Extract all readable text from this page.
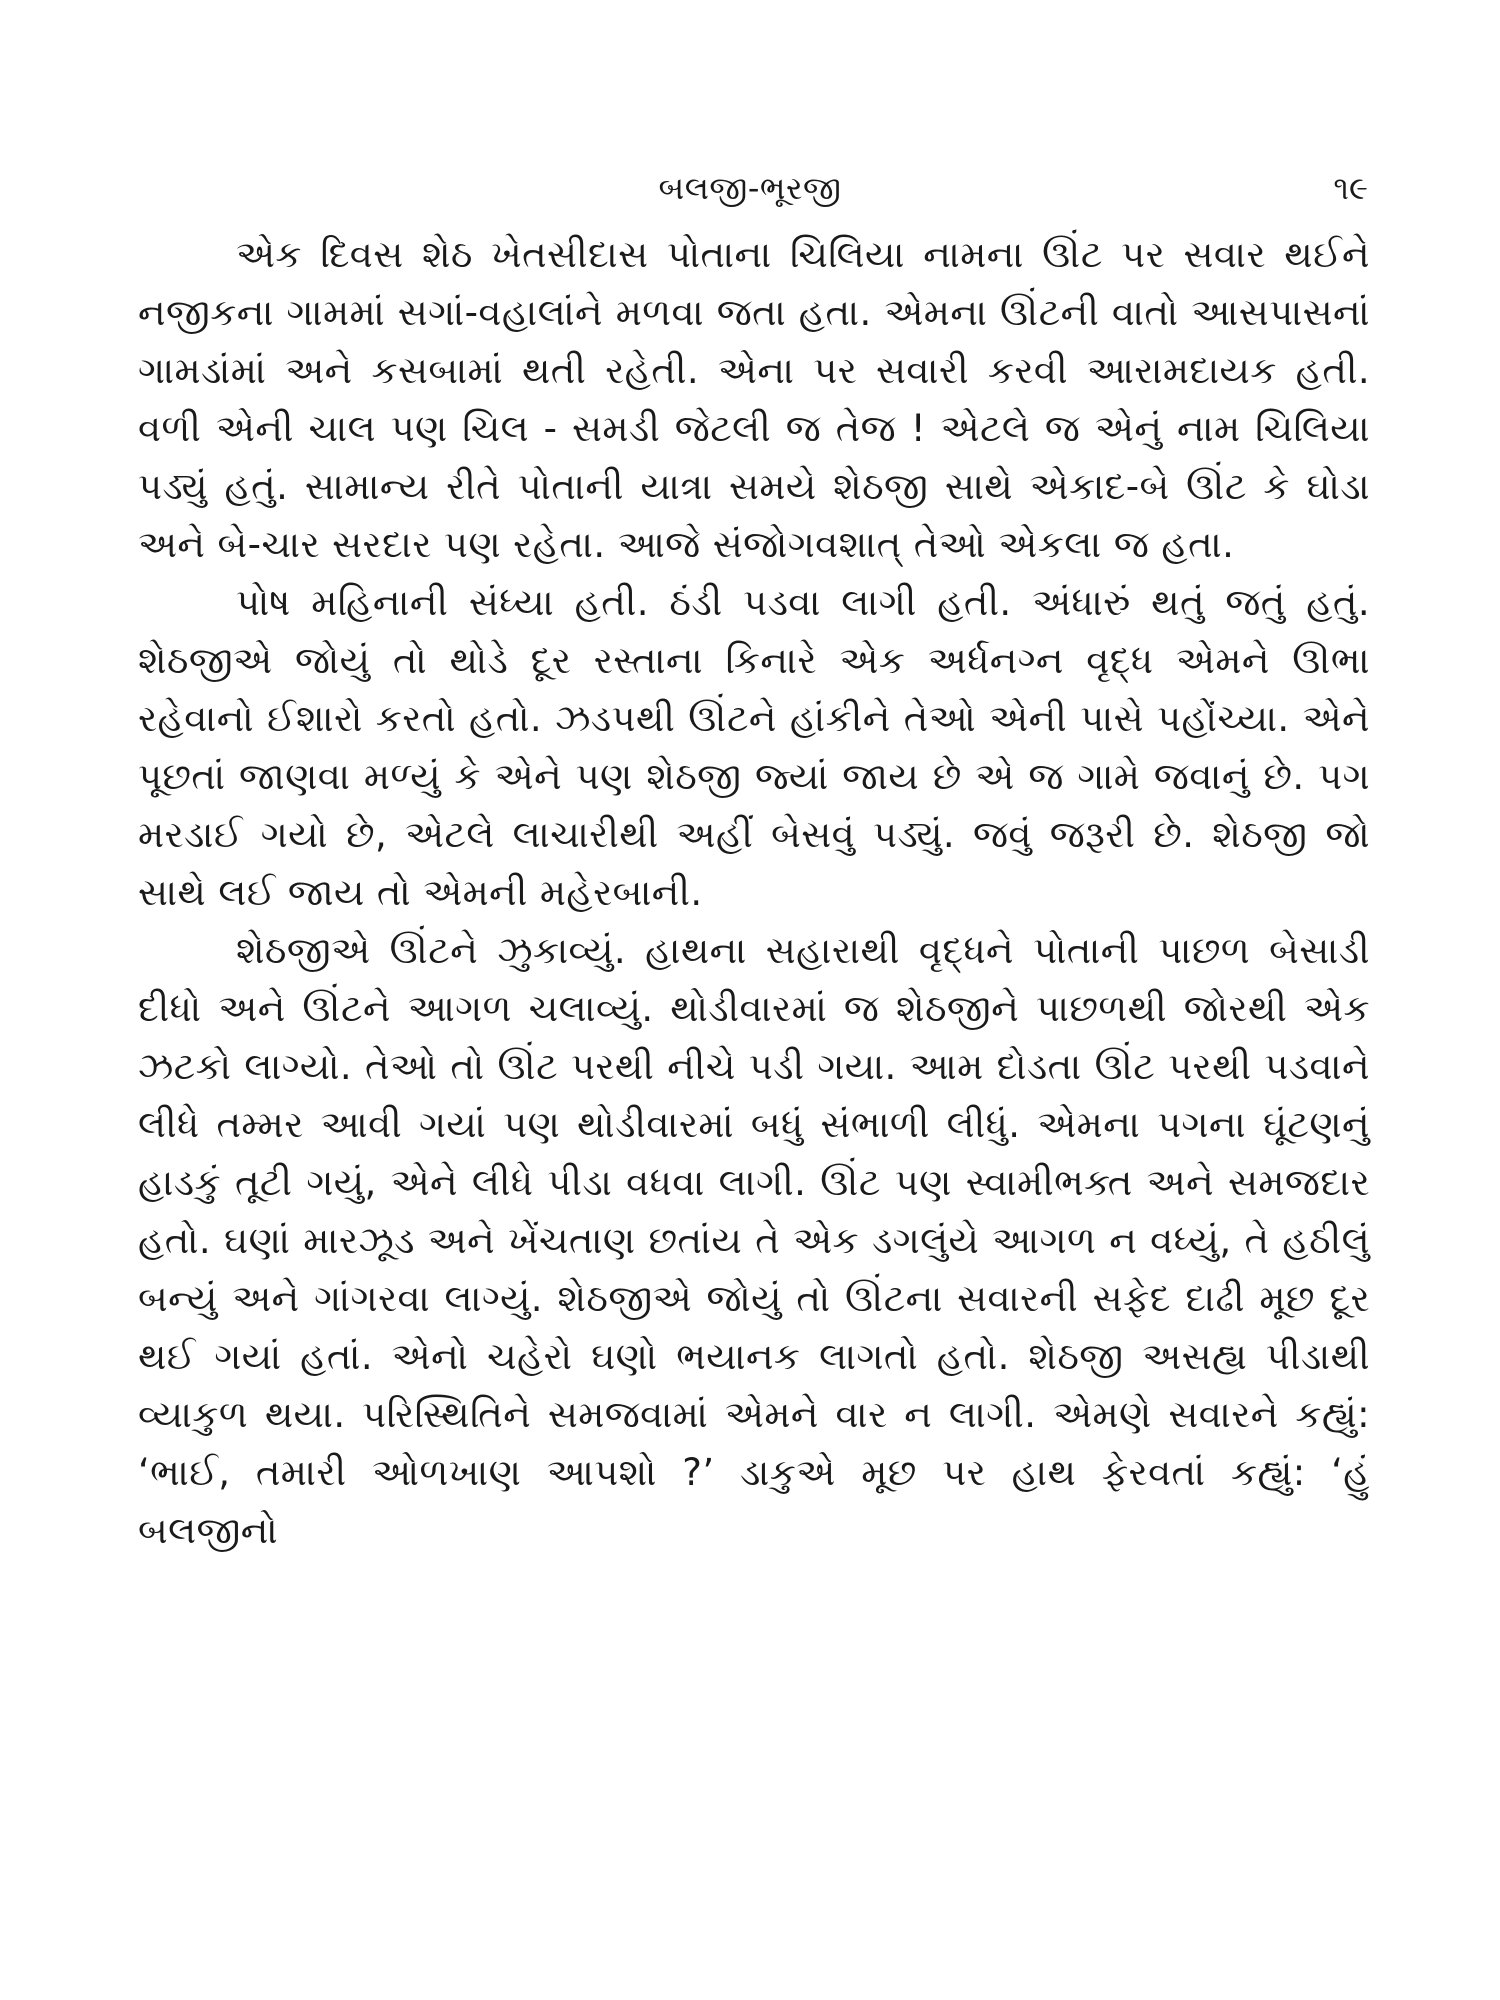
બલજી-ભૂરજી	૧૯

એક દિવસ શેઠ ખેતસીદાસ પોતાના ચિલિયા નામના ઊંટ પર સવાર થઈને નજીકના ગામમાં સગાં-વહાલાંને મળવા જતા હતા. એમના ઊંટની વાતો આસપાસનાં ગામડાંમાં અને કસબામાં થતી રહેતી. એના પર સવારી કરવી આરામદાયક હતી. વળી એની ચાલ પણ ચિલ - સમડી જેટલી જ તેજ ! એટલે જ એનું નામ ચિલિયા પડ્યું હતું. સામાન્ય રીતે પોતાની યાત્રા સમયે શેઠજી સાથે એકાદ-બે ઊંટ કે ઘોડા અને બે-ચાર સરદાર પણ રહેતા. આજે સંજોગવશાત્ તેઓ એકલા જ હતા.

પોષ મહિનાની સંધ્યા હતી. ઠંડી પડવા લાગી હતી. અંધારું થતું જતું હતું. શેઠજીએ જોયું તો થોડે દૂર રસ્તાના કિનારે એક અર્ધનગ્ન વૃદ્ધ એમને ઊભા રહેવાનો ઈશારો કરતો હતો. ઝડપથી ઊંટને હાંકીને તેઓ એની પાસે પહોંચ્યા. એને પૂછતાં જાણવા મળ્યું કે એને પણ શેઠજી જ્યાં જાય છે એ જ ગામે જવાનું છે. પગ મરડાઈ ગયો છે, એટલે લાચારીથી અહીં બેસવું પડ્યું. જવું જરૂરી છે. શેઠજી જો સાથે લઈ જાય તો એમની મહેરબાની.

શેઠજીએ ઊંટને ઝુકાવ્યું. હાથના સહારાથી વૃદ્ધને પોતાની પાછળ બેસાડી દીધો અને ઊંટને આગળ ચલાવ્યું. થોડીવારમાં જ શેઠજીને પાછળથી જોરથી એક ઝટકો લાગ્યો. તેઓ તો ઊંટ પરથી નીચે પડી ગયા. આમ દોડતા ઊંટ પરથી પડવાને લીધે તમ્મર આવી ગયાં પણ થોડીવારમાં બધું સંભાળી લીધું. એમના પગના ઘૂંટણનું હાડકું તૂટી ગયું, એને લીધે પીડા વધવા લાગી. ઊંટ પણ સ્વામીભક્ત અને સમજદાર હતો. ઘણાં મારઝૂડ અને ખેંચતાણ છતાંય તે એક ડગલુંયે આગળ ન વધ્યું, તે હઠીલું બન્યું અને ગાંગરવા લાગ્યું. શેઠજીએ જોયું તો ઊંટના સવારની સફેદ દાઢી મૂછ દૂર થઈ ગયાં હતાં. એનો ચહેરો ઘણો ભયાનક લાગતો હતો. શેઠજી અસહ્ય પીડાથી વ્યાકુળ થયા. પરિસ્થિતિને સમજવામાં એમને વાર ન લાગી. એમણે સવારને કહ્યું: ‘ભાઈ, તમારી ઓળખાણ આપશો ?’ ડાકુએ મૂછ પર હાથ ફેરવતાં કહ્યું: ‘હું બલજીનો
